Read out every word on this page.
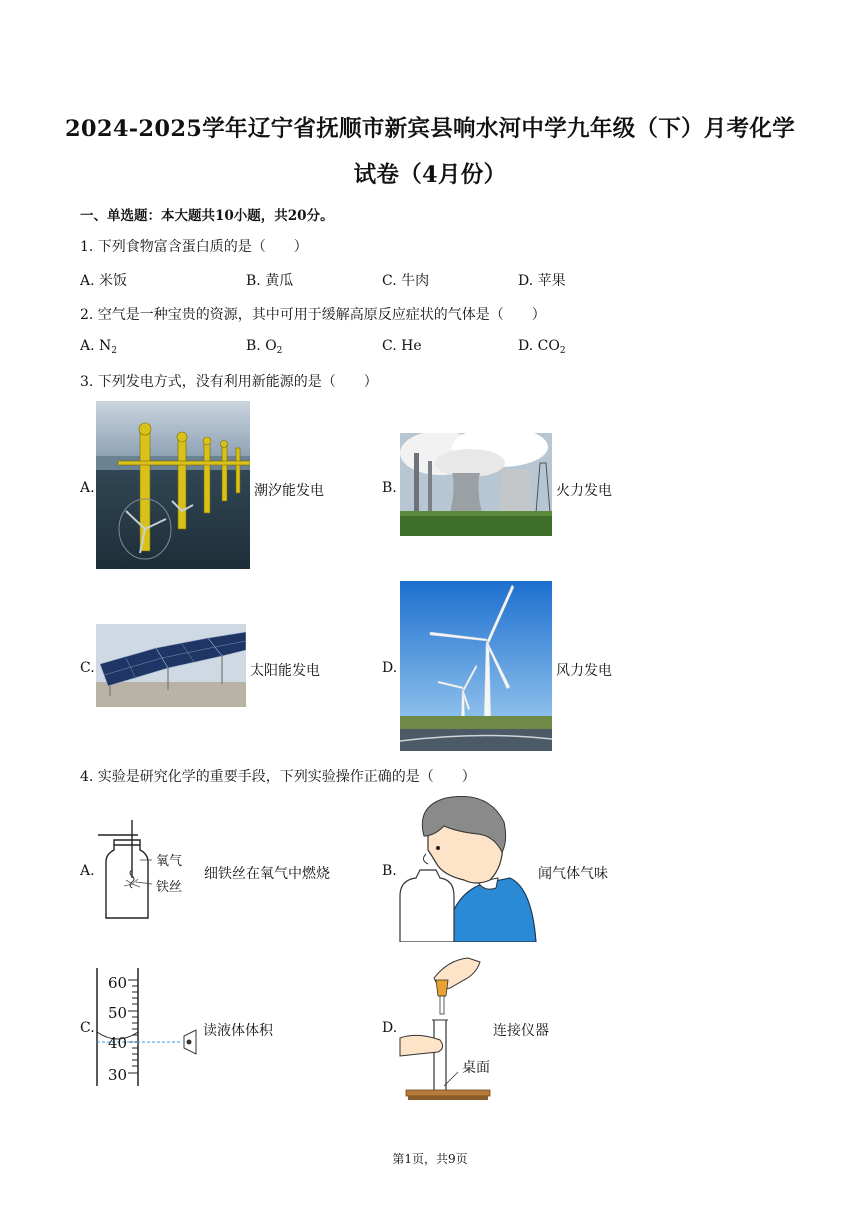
2024-2025学年辽宁省抚顺市新宾县响水河中学九年级（下）月考化学
试卷（4月份）
一、单选题：本大题共10小题，共20分。
1. 下列食物富含蛋白质的是（　　）
A. 米饭	B. 黄瓜	C. 牛肉	D. 苹果
2. 空气是一种宝贵的资源，其中可用于缓解高原反应症状的气体是（　　）
A. $N_2$	B. $O_2$	C. He	D. $CO_2$
3. 下列发电方式，没有利用新能源的是（　　）
A.	潮汐能发电	B.	火力发电
C.	太阳能发电	D.	风力发电
4. 实验是研究化学的重要手段，下列实验操作正确的是（　　）
A.
氧气
铁丝
细铁丝在氧气中燃烧	B.	闻气体气味
C.
60
50
40
30
读液体体积	D.
桌面
连接仪器
第1页，共9页
